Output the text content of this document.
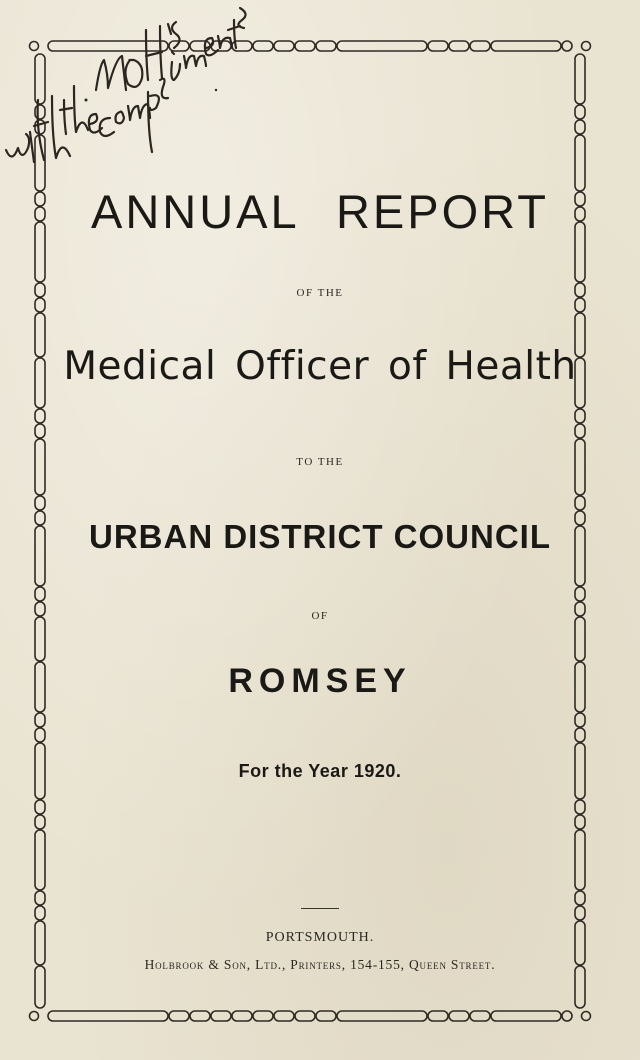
ANNUAL REPORT
OF THE
Medical Officer of Health
TO THE
URBAN DISTRICT COUNCIL
OF
ROMSEY
For the Year 1920.
PORTSMOUTH.
Holbrook & Son, Ltd., Printers, 154-155, Queen Street.
